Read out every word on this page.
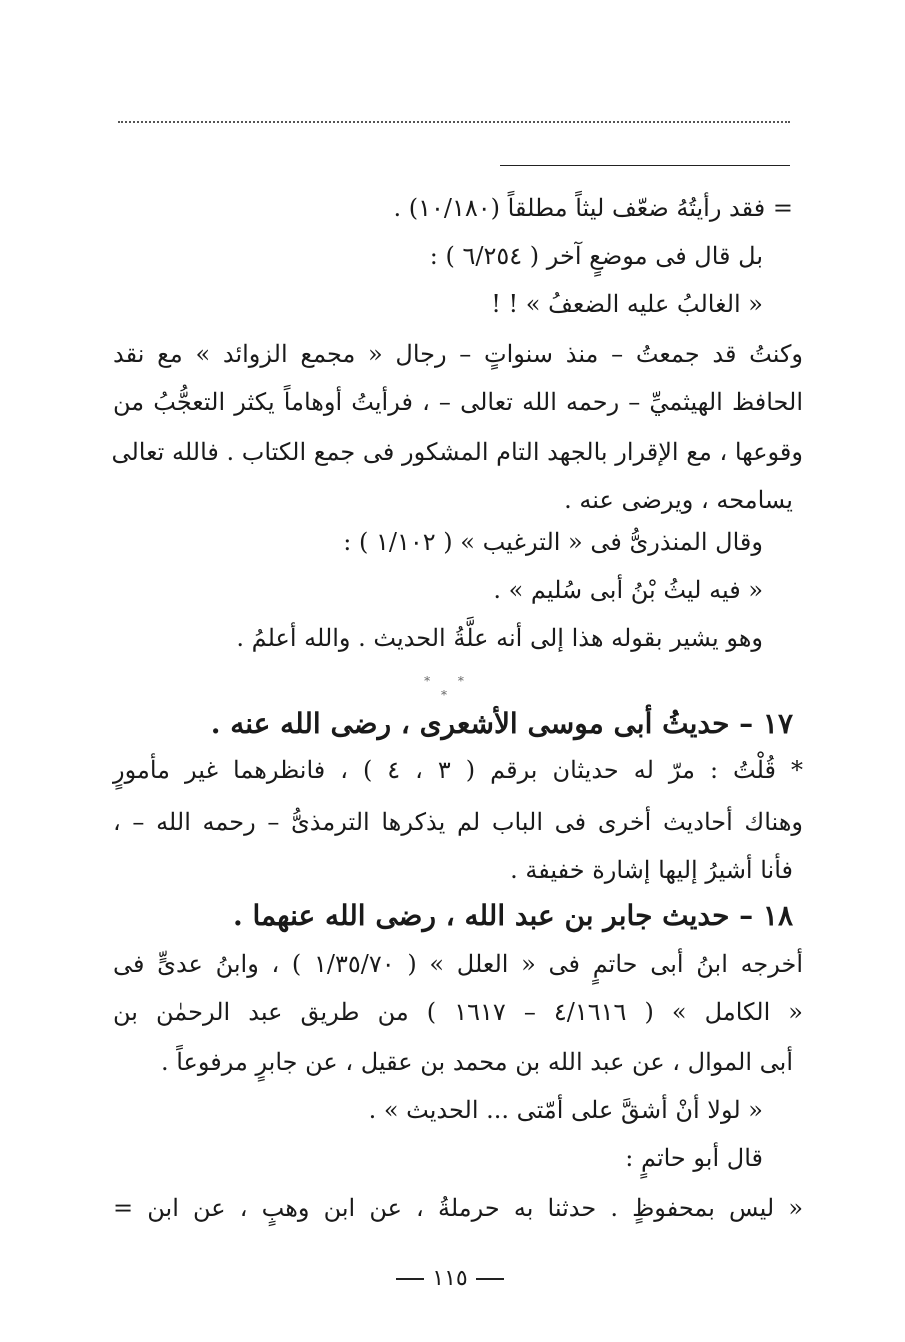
= فقد رأيتُهُ ضعّف ليثاً مطلقاً (١٠/١٨٠) .
بل قال فى موضعٍ آخر ( ٦/٢٥٤ ) :
« الغالبُ عليه الضعفُ » ! !
وكنتُ قد جمعتُ – منذ سنواتٍ – رجال « مجمع الزوائد » مع نقد
الحافظ الهيثميِّ – رحمه الله تعالى – ، فرأيتُ أوهاماً يكثر التعجُّبُ من
وقوعها ، مع الإقرار بالجهد التام المشكور فى جمع الكتاب . فالله تعالى
يسامحه ، ويرضى عنه .
وقال المنذرىُّ فى « الترغيب » ( ١/١٠٢ ) :
« فيه ليثُ بْنُ أبى سُليم » .
وهو يشير بقوله هذا إلى أنه علَّةُ الحديث . والله أعلمُ .
* * *
١٧ – حديثُ أبى موسى الأشعرى ، رضى الله عنه .
* قُلْتُ : مرّ له حديثان برقم ( ٣ ، ٤ ) ، فانظرهما غير مأمورٍ
وهناك أحاديث أخرى فى الباب لم يذكرها الترمذىُّ – رحمه الله – ،
فأنا أشيرُ إليها إشارة خفيفة .
١٨ – حديث جابر بن عبد الله ، رضى الله عنهما .
أخرجه ابنُ أبى حاتمٍ فى « العلل » ( ١/٣٥/٧٠ ) ، وابنُ عدىٍّ فى
« الكامل » ( ٤/١٦١٦ – ١٦١٧ ) من طريق عبد الرحمٰن بن
أبى الموال ، عن عبد الله بن محمد بن عقيل ، عن جابرٍ مرفوعاً .
« لولا أنْ أشقَّ على أمّتى ... الحديث » .
قال أبو حاتمٍ :
« ليس بمحفوظٍ . حدثنا به حرملةُ ، عن ابن وهبٍ ، عن ابن =
١١٥
